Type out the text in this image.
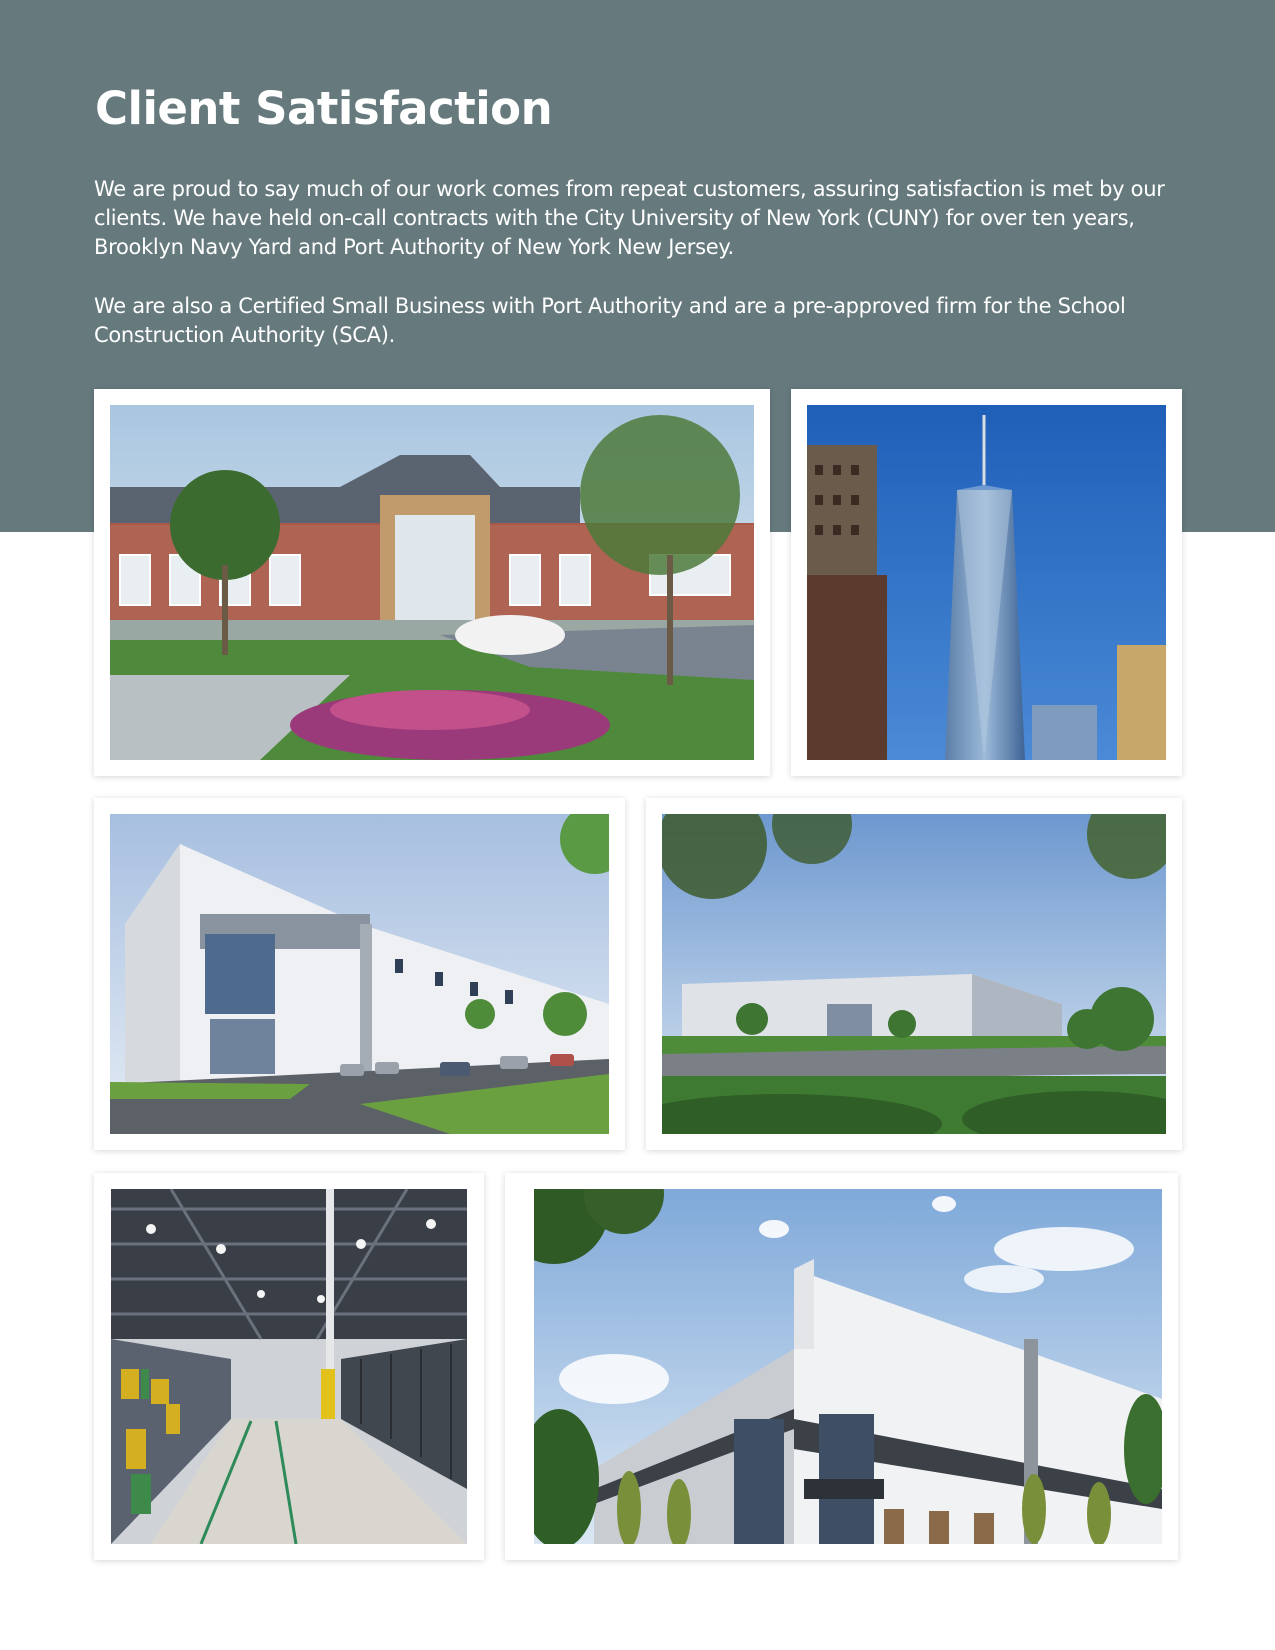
Client Satisfaction

We are proud to say much of our work comes from repeat customers, assuring satisfaction is met by our clients. We have held on-call contracts with the City University of New York (CUNY) for over ten years, Brooklyn Navy Yard and Port Authority of New York New Jersey.

We are also a Certified Small Business with Port Authority and are a pre-approved firm for the School Construction Authority (SCA).
